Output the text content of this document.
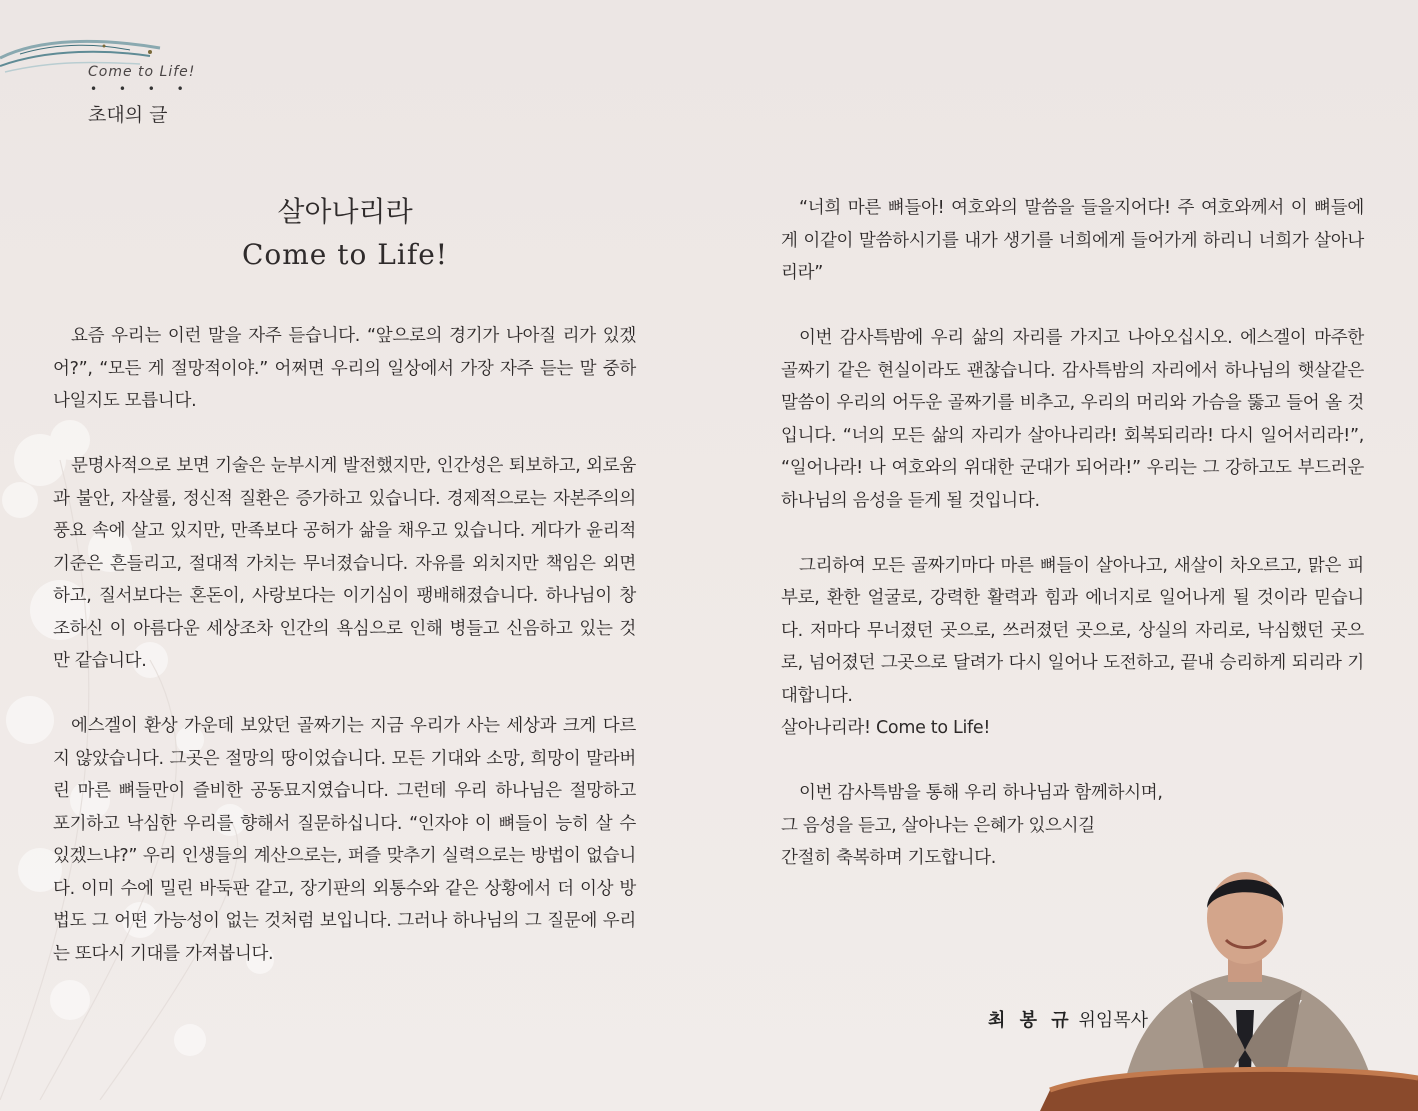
Come to Life!

• • • •

초대의 글

살아나리라

Come to Life!

요즘 우리는 이런 말을 자주 듣습니다. “앞으로의 경기가 나아질 리가 있겠어?”, “모든 게 절망적이야.” 어쩌면 우리의 일상에서 가장 자주 듣는 말 중하나일지도 모릅니다.

문명사적으로 보면 기술은 눈부시게 발전했지만, 인간성은 퇴보하고, 외로움과 불안, 자살률, 정신적 질환은 증가하고 있습니다. 경제적으로는 자본주의의 풍요 속에 살고 있지만, 만족보다 공허가 삶을 채우고 있습니다. 게다가 윤리적 기준은 흔들리고, 절대적 가치는 무너졌습니다. 자유를 외치지만 책임은 외면하고, 질서보다는 혼돈이, 사랑보다는 이기심이 팽배해졌습니다. 하나님이 창조하신 이 아름다운 세상조차 인간의 욕심으로 인해 병들고 신음하고 있는 것만 같습니다.

에스겔이 환상 가운데 보았던 골짜기는 지금 우리가 사는 세상과 크게 다르지 않았습니다. 그곳은 절망의 땅이었습니다. 모든 기대와 소망, 희망이 말라버린 마른 뼈들만이 즐비한 공동묘지였습니다. 그런데 우리 하나님은 절망하고 포기하고 낙심한 우리를 향해서 질문하십니다. “인자야 이 뼈들이 능히 살 수 있겠느냐?” 우리 인생들의 계산으로는, 퍼즐 맞추기 실력으로는 방법이 없습니다. 이미 수에 밀린 바둑판 같고, 장기판의 외통수와 같은 상황에서 더 이상 방법도 그 어떤 가능성이 없는 것처럼 보입니다. 그러나 하나님의 그 질문에 우리는 또다시 기대를 가져봅니다.

“너희 마른 뼈들아! 여호와의 말씀을 들을지어다! 주 여호와께서 이 뼈들에게 이같이 말씀하시기를 내가 생기를 너희에게 들어가게 하리니 너희가 살아나리라”

이번 감사특밤에 우리 삶의 자리를 가지고 나아오십시오. 에스겔이 마주한 골짜기 같은 현실이라도 괜찮습니다. 감사특밤의 자리에서 하나님의 햇살같은 말씀이 우리의 어두운 골짜기를 비추고, 우리의 머리와 가슴을 뚫고 들어 올 것입니다. “너의 모든 삶의 자리가 살아나리라! 회복되리라! 다시 일어서리라!”, “일어나라! 나 여호와의 위대한 군대가 되어라!” 우리는 그 강하고도 부드러운 하나님의 음성을 듣게 될 것입니다.

그리하여 모든 골짜기마다 마른 뼈들이 살아나고, 새살이 차오르고, 맑은 피부로, 환한 얼굴로, 강력한 활력과 힘과 에너지로 일어나게 될 것이라 믿습니다. 저마다 무너졌던 곳으로, 쓰러졌던 곳으로, 상실의 자리로, 낙심했던 곳으로, 넘어졌던 그곳으로 달려가 다시 일어나 도전하고, 끝내 승리하게 되리라 기대합니다.

살아나리라! Come to Life!

이번 감사특밤을 통해 우리 하나님과 함께하시며,

그 음성을 듣고, 살아나는 은혜가 있으시길

간절히 축복하며 기도합니다.

최 봉 규 위임목사
